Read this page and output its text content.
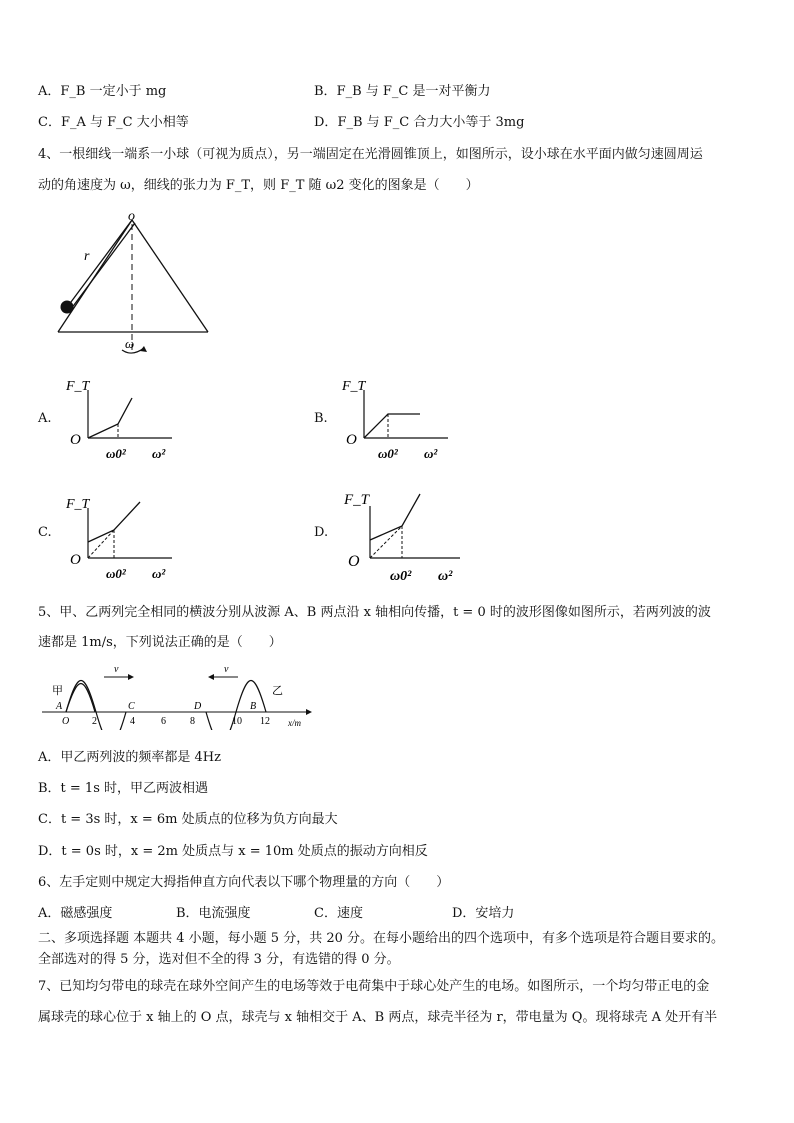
A．F_B 一定小于 mg	B．F_B 与 F_C 是一对平衡力
C．F_A 与 F_C 大小相等	D．F_B 与 F_C 合力大小等于 3mg
4、一根细线一端系一小球（可视为质点），另一端固定在光滑圆锥顶上，如图所示，设小球在水平面内做匀速圆周运
动的角速度为 ω，细线的张力为 F_T，则 F_T 随 ω2 变化的图象是（　　）
o
r
ω
A.	B.
C.	D.
F_T
O
ω0² ω²
F_T
O
ω0² ω²
F_T
O
ω0² ω²
F_T
O
ω0² ω²
5、甲、乙两列完全相同的横波分别从波源 A、B 两点沿 x 轴相向传播，t = 0 时的波形图像如图所示，若两列波的波
速都是 1m/s，下列说法正确的是（　　）
v	v
甲	乙
A	C	D	B
O 2	4	6 8	10 12 x/m
A．甲乙两列波的频率都是 4Hz
B．t = 1s 时，甲乙两波相遇
C．t = 3s 时，x = 6m 处质点的位移为负方向最大
D．t = 0s 时，x = 2m 处质点与 x = 10m 处质点的振动方向相反
6、左手定则中规定大拇指伸直方向代表以下哪个物理量的方向（　　）
A．磁感强度	B．电流强度	C．速度	D．安培力
二、多项选择题 本题共 4 小题，每小题 5 分，共 20 分。在每小题给出的四个选项中，有多个选项是符合题目要求的。
全部选对的得 5 分，选对但不全的得 3 分，有选错的得 0 分。
7、已知均匀带电的球壳在球外空间产生的电场等效于电荷集中于球心处产生的电场。如图所示，一个均匀带正电的金
属球壳的球心位于 x 轴上的 O 点，球壳与 x 轴相交于 A、B 两点，球壳半径为 r，带电量为 Q。现将球壳 A 处开有半
